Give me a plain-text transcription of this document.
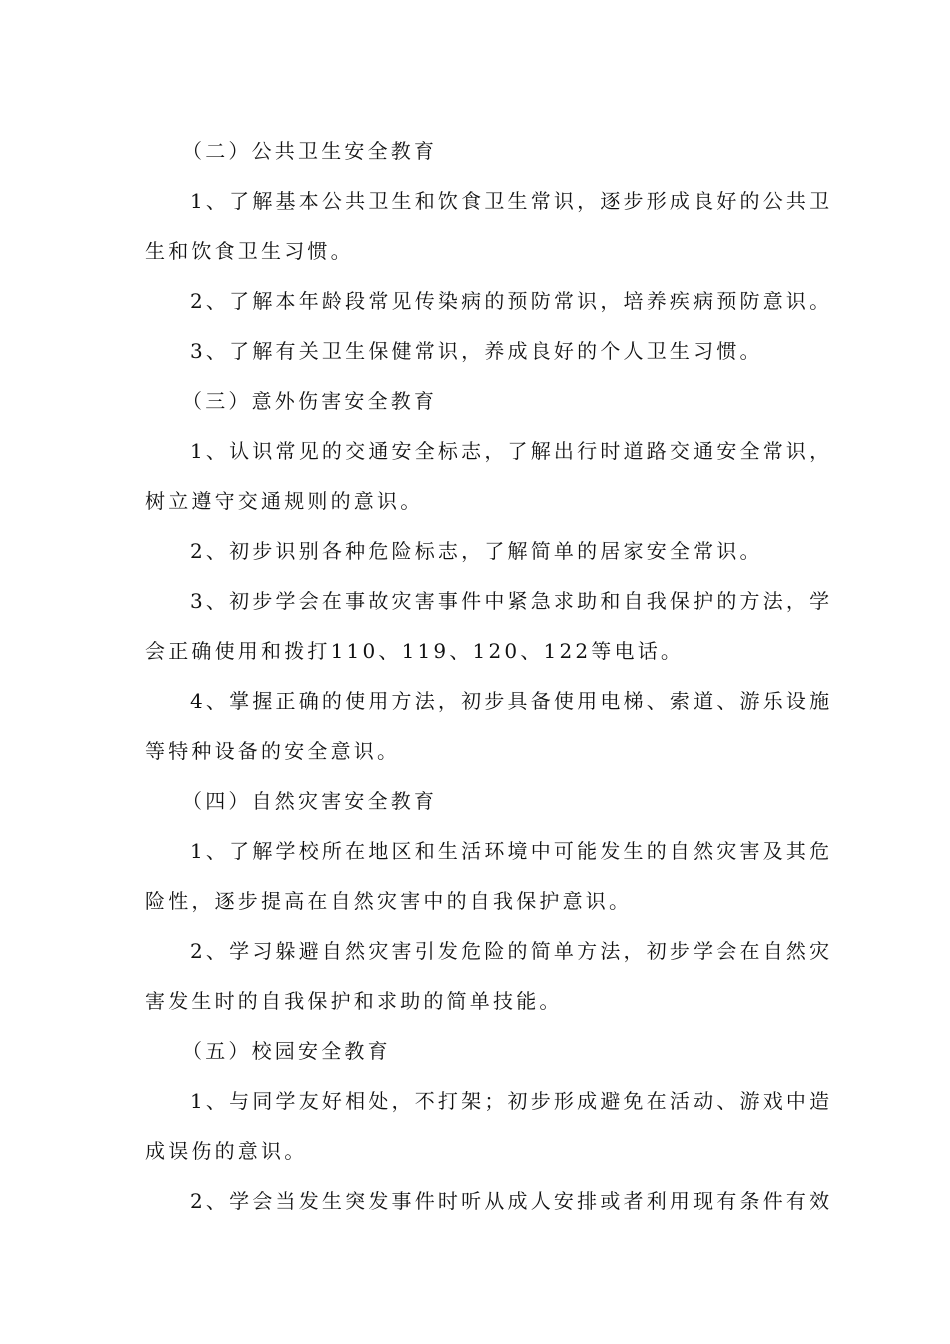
（二）公共卫生安全教育
1、了解基本公共卫生和饮食卫生常识，逐步形成良好的公共卫
生和饮食卫生习惯。
2、了解本年龄段常见传染病的预防常识，培养疾病预防意识。
3、了解有关卫生保健常识，养成良好的个人卫生习惯。
（三）意外伤害安全教育
1、认识常见的交通安全标志，了解出行时道路交通安全常识，
树立遵守交通规则的意识。
2、初步识别各种危险标志，了解简单的居家安全常识。
3、初步学会在事故灾害事件中紧急求助和自我保护的方法，学
会正确使用和拨打110、119、120、122等电话。
4、掌握正确的使用方法，初步具备使用电梯、索道、游乐设施
等特种设备的安全意识。
（四）自然灾害安全教育
1、了解学校所在地区和生活环境中可能发生的自然灾害及其危
险性，逐步提高在自然灾害中的自我保护意识。
2、学习躲避自然灾害引发危险的简单方法，初步学会在自然灾
害发生时的自我保护和求助的简单技能。
（五）校园安全教育
1、与同学友好相处，不打架；初步形成避免在活动、游戏中造
成误伤的意识。
2、学会当发生突发事件时听从成人安排或者利用现有条件有效
